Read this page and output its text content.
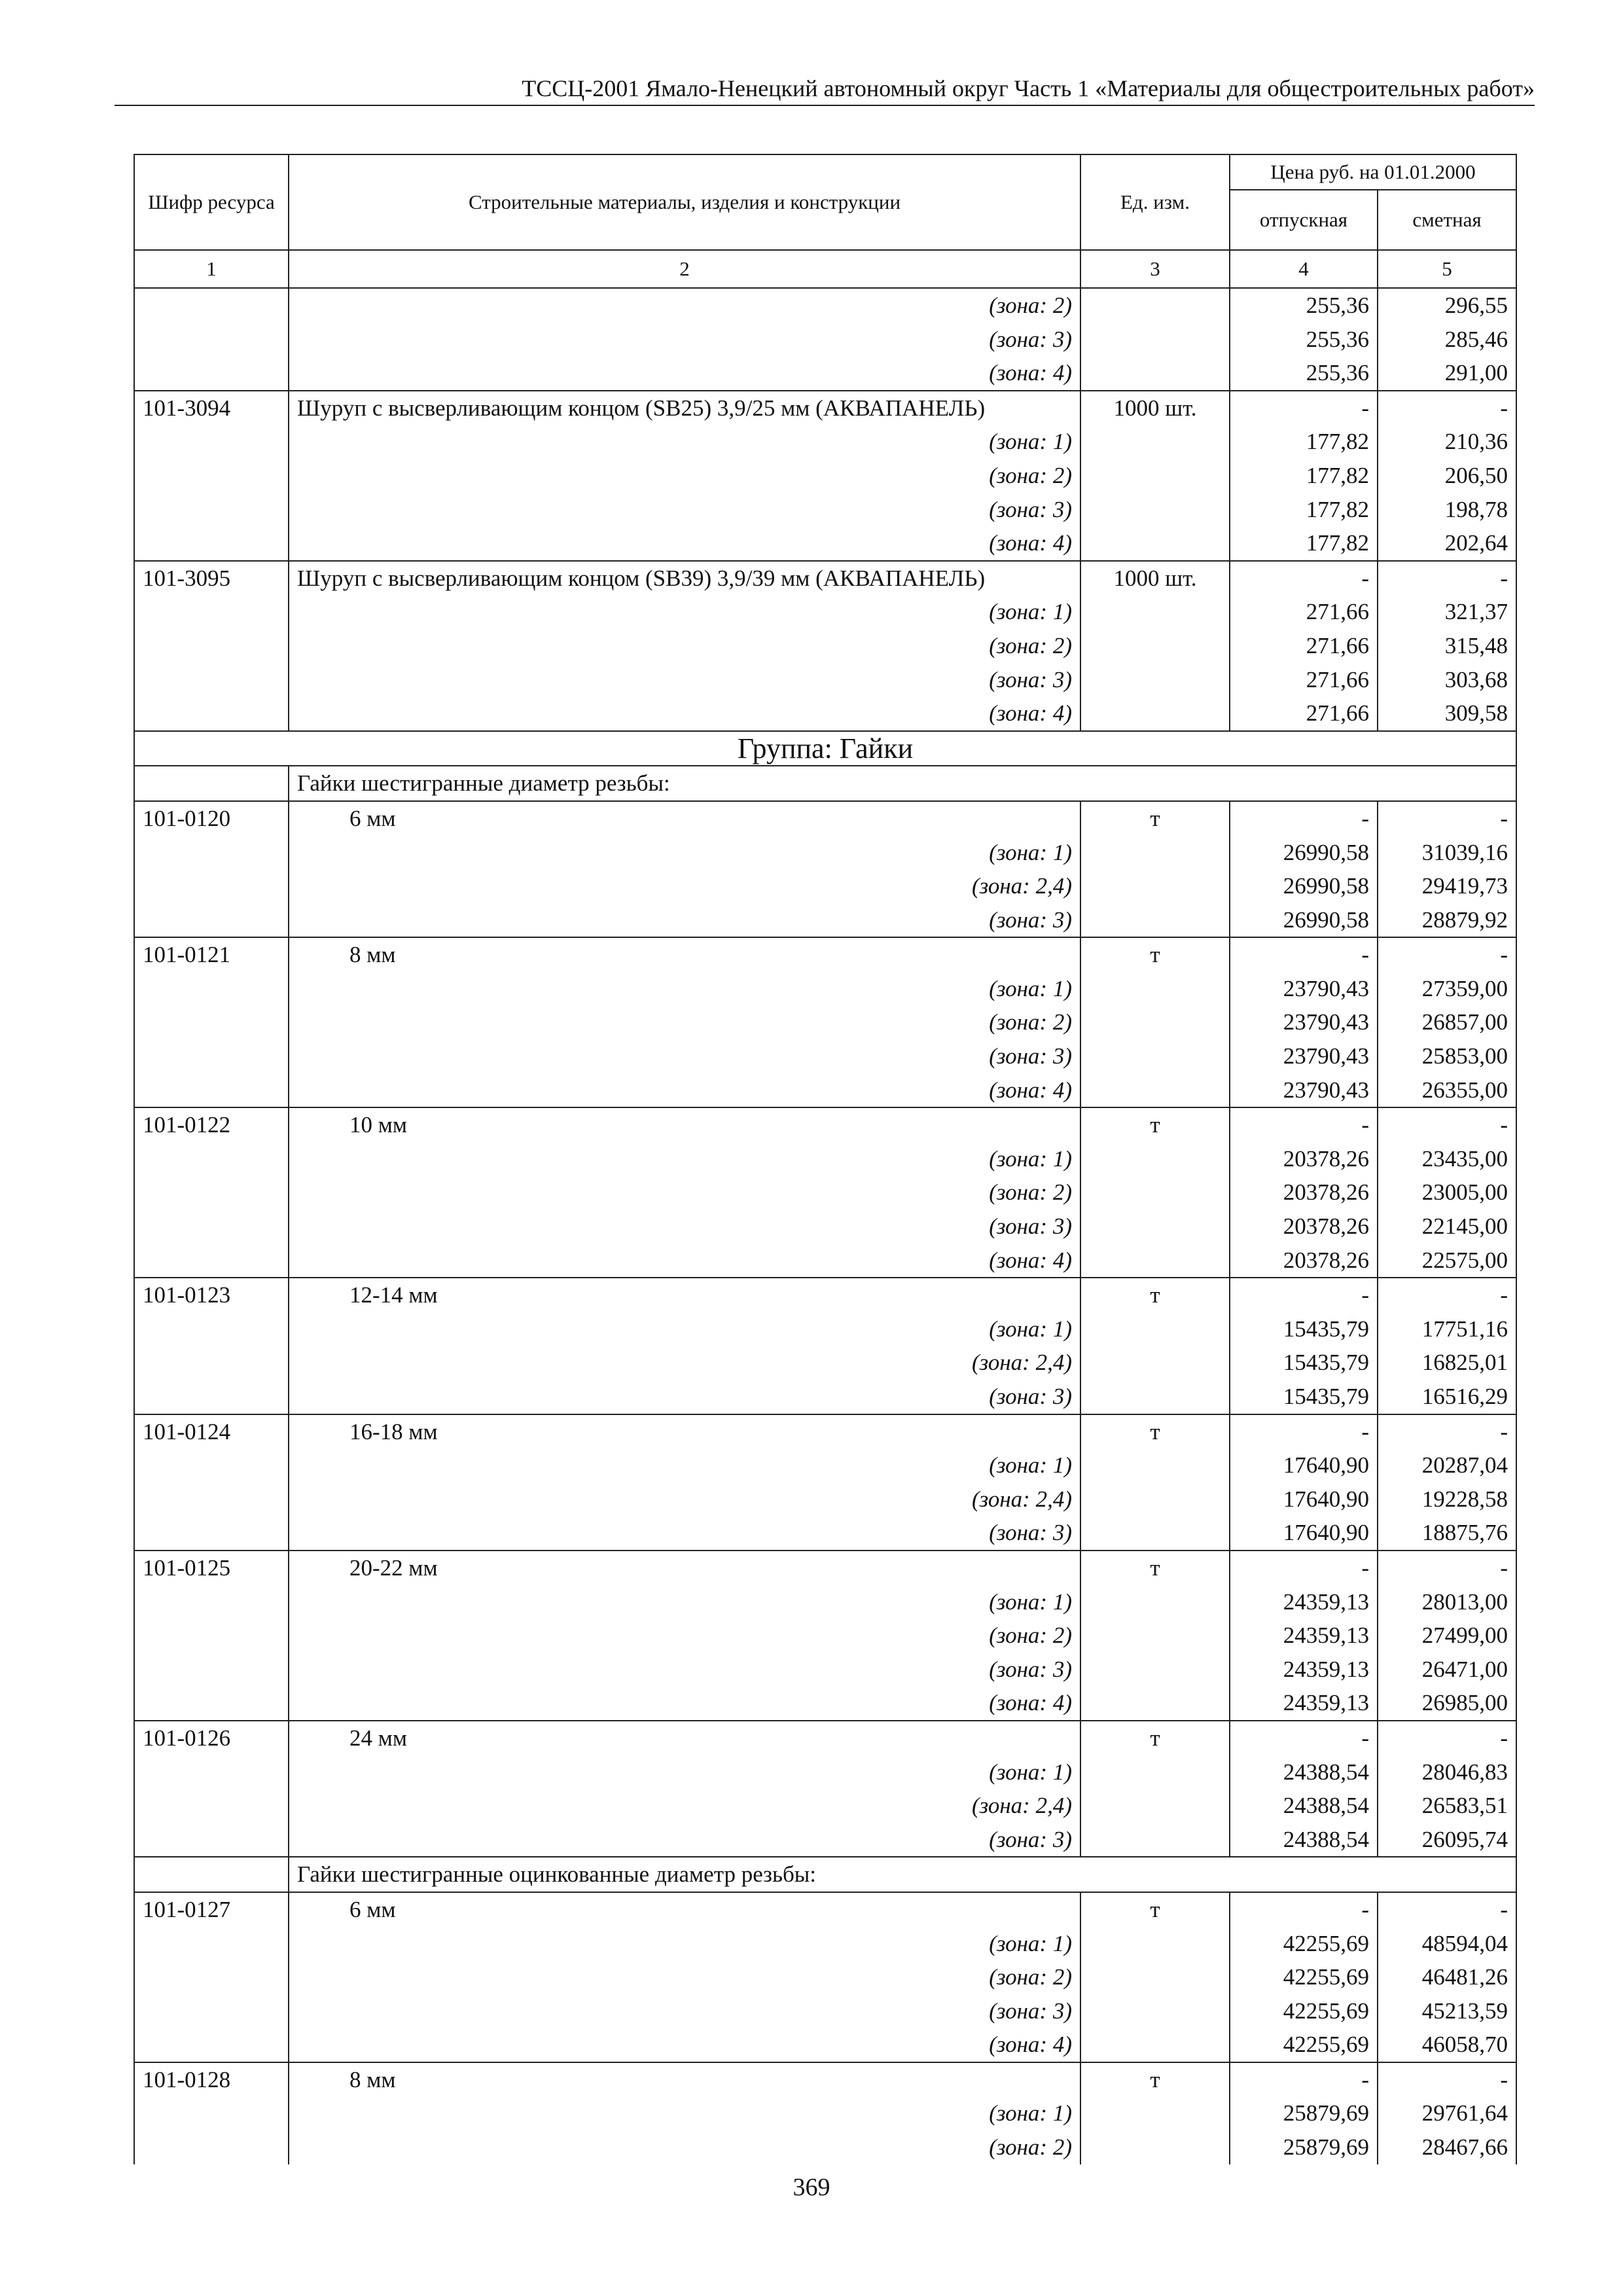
ТССЦ-2001 Ямало-Ненецкий автономный округ Часть 1 «Материалы для общестроительных работ»
Шифр ресурса	Строительные материалы, изделия и конструкции	Ед. изм.	Цена руб. на 01.01.2000	
			отпускная	сметная
1	2	3	4	5
	(зона: 2)		255,36	296,55
	(зона: 3)		255,36	285,46
	(зона: 4)		255,36	291,00
101-3094	Шуруп с высверливающим концом (SB25) 3,9/25 мм (АКВАПАНЕЛЬ)	1000 шт.	-	-
	(зона: 1)		177,82	210,36
	(зона: 2)		177,82	206,50
	(зона: 3)		177,82	198,78
	(зона: 4)		177,82	202,64
101-3095	Шуруп с высверливающим концом (SB39) 3,9/39 мм (АКВАПАНЕЛЬ)	1000 шт.	-	-
	(зона: 1)		271,66	321,37
	(зона: 2)		271,66	315,48
	(зона: 3)		271,66	303,68
	(зона: 4)		271,66	309,58
Группа: Гайки				
	Гайки шестигранные диаметр резьбы:			
101-0120	6 мм	т	-	-
	(зона: 1)		26990,58	31039,16
	(зона: 2,4)		26990,58	29419,73
	(зона: 3)		26990,58	28879,92
101-0121	8 мм	т	-	-
	(зона: 1)		23790,43	27359,00
	(зона: 2)		23790,43	26857,00
	(зона: 3)		23790,43	25853,00
	(зона: 4)		23790,43	26355,00
101-0122	10 мм	т	-	-
	(зона: 1)		20378,26	23435,00
	(зона: 2)		20378,26	23005,00
	(зона: 3)		20378,26	22145,00
	(зона: 4)		20378,26	22575,00
101-0123	12-14 мм	т	-	-
	(зона: 1)		15435,79	17751,16
	(зона: 2,4)		15435,79	16825,01
	(зона: 3)		15435,79	16516,29
101-0124	16-18 мм	т	-	-
	(зона: 1)		17640,90	20287,04
	(зона: 2,4)		17640,90	19228,58
	(зона: 3)		17640,90	18875,76
101-0125	20-22 мм	т	-	-
	(зона: 1)		24359,13	28013,00
	(зона: 2)		24359,13	27499,00
	(зона: 3)		24359,13	26471,00
	(зона: 4)		24359,13	26985,00
101-0126	24 мм	т	-	-
	(зона: 1)		24388,54	28046,83
	(зона: 2,4)		24388,54	26583,51
	(зона: 3)		24388,54	26095,74
	Гайки шестигранные оцинкованные диаметр резьбы:			
101-0127	6 мм	т	-	-
	(зона: 1)		42255,69	48594,04
	(зона: 2)		42255,69	46481,26
	(зона: 3)		42255,69	45213,59
	(зона: 4)		42255,69	46058,70
101-0128	8 мм	т	-	-
	(зона: 1)		25879,69	29761,64
	(зона: 2)		25879,69	28467,66
369
